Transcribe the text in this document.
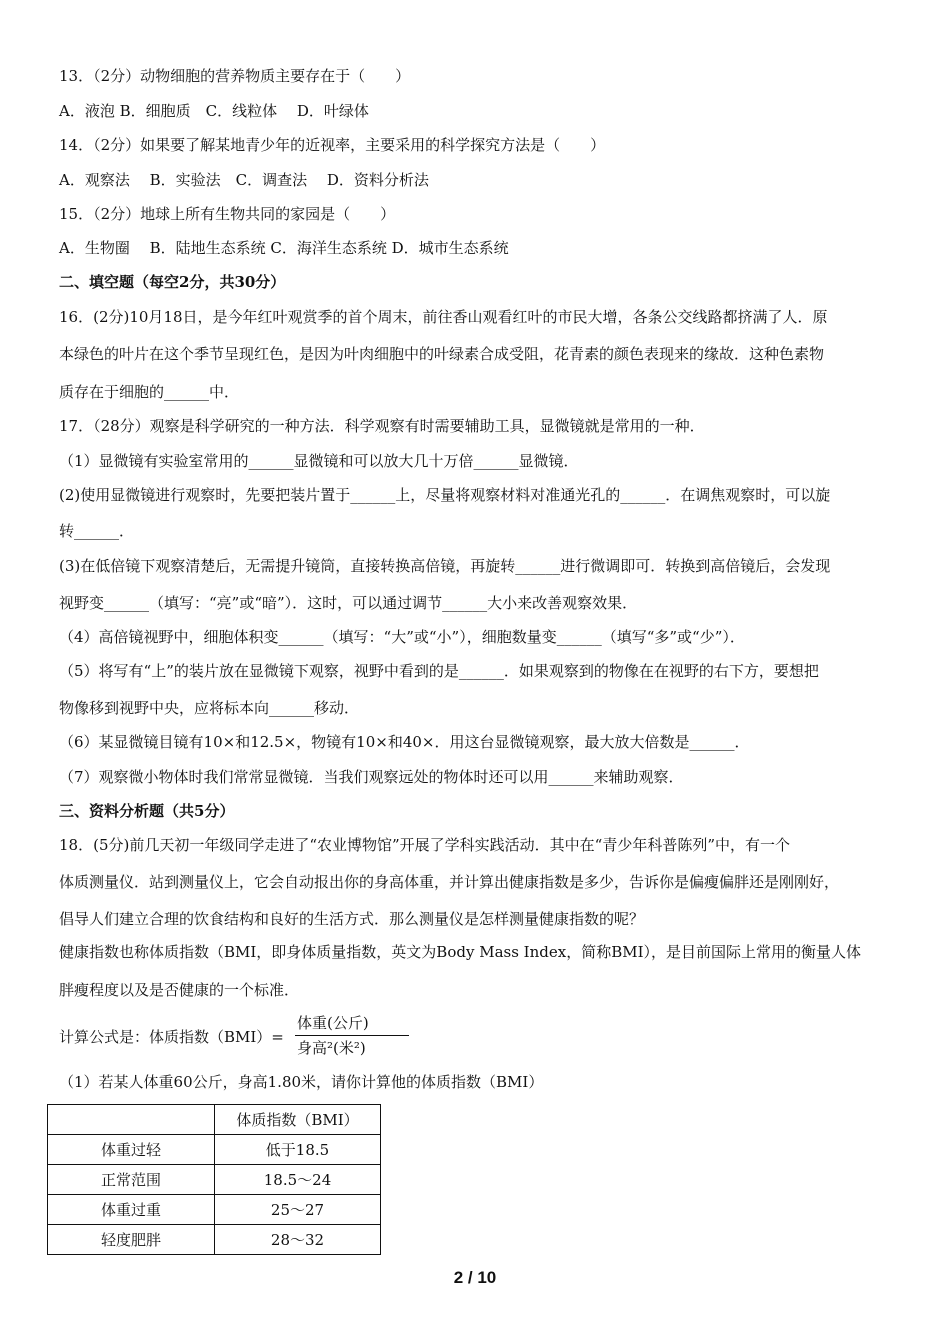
13．（2分）动物细胞的营养物质主要存在于（　　）
A．液泡 B．细胞质　C．线粒体　 D．叶绿体
14．（2分）如果要了解某地青少年的近视率，主要采用的科学探究方法是（　　）
A．观察法　 B．实验法　C．调查法　 D．资料分析法
15．（2分）地球上所有生物共同的家园是（　　）
A．生物圈　 B．陆地生态系统 C．海洋生态系统 D．城市生态系统
二、填空题（每空2分，共30分）
16．(2分)10月18日，是今年红叶观赏季的首个周末，前往香山观看红叶的市民大增，各条公交线路都挤满了人．原
本绿色的叶片在这个季节呈现红色，是因为叶肉细胞中的叶绿素合成受阻，花青素的颜色表现来的缘故．这种色素物
质存在于细胞的______中．
17．（28分）观察是科学研究的一种方法．科学观察有时需要辅助工具，显微镜就是常用的一种．
（1）显微镜有实验室常用的______显微镜和可以放大几十万倍______显微镜．
(2)使用显微镜进行观察时，先要把装片置于______上，尽量将观察材料对准通光孔的______．在调焦观察时，可以旋
转______．
(3)在低倍镜下观察清楚后，无需提升镜筒，直接转换高倍镜，再旋转______进行微调即可．转换到高倍镜后，会发现
视野变______（填写：“亮”或“暗”）．这时，可以通过调节______大小来改善观察效果．
（4）高倍镜视野中，细胞体积变______（填写：“大”或“小”），细胞数量变______（填写“多”或“少”）．
（5）将写有“上”的装片放在显微镜下观察，视野中看到的是______．如果观察到的物像在在视野的右下方，要想把
物像移到视野中央，应将标本向______移动．
（6）某显微镜目镜有10×和12.5×，物镜有10×和40×．用这台显微镜观察，最大放大倍数是______．
（7）观察微小物体时我们常常显微镜．当我们观察远处的物体时还可以用______来辅助观察．
三、资料分析题（共5分）
18．(5分)前几天初一年级同学走进了“农业博物馆”开展了学科实践活动．其中在“青少年科普陈列”中，有一个
体质测量仪．站到测量仪上，它会自动报出你的身高体重，并计算出健康指数是多少，告诉你是偏瘦偏胖还是刚刚好，
倡导人们建立合理的饮食结构和良好的生活方式．那么测量仪是怎样测量健康指数的呢？
健康指数也称体质指数（BMI，即身体质量指数，英文为Body Mass Index，简称BMI），是目前国际上常用的衡量人体
胖瘦程度以及是否健康的一个标准．
计算公式是：体质指数（BMI）=
体重(公斤)
身高²(米²)
（1）若某人体重60公斤，身高1.80米，请你计算他的体质指数（BMI）
	体质指数（BMI）
体重过轻	低于18.5
正常范围	18.5～24
体重过重	25～27
轻度肥胖	28～32
2 / 10
